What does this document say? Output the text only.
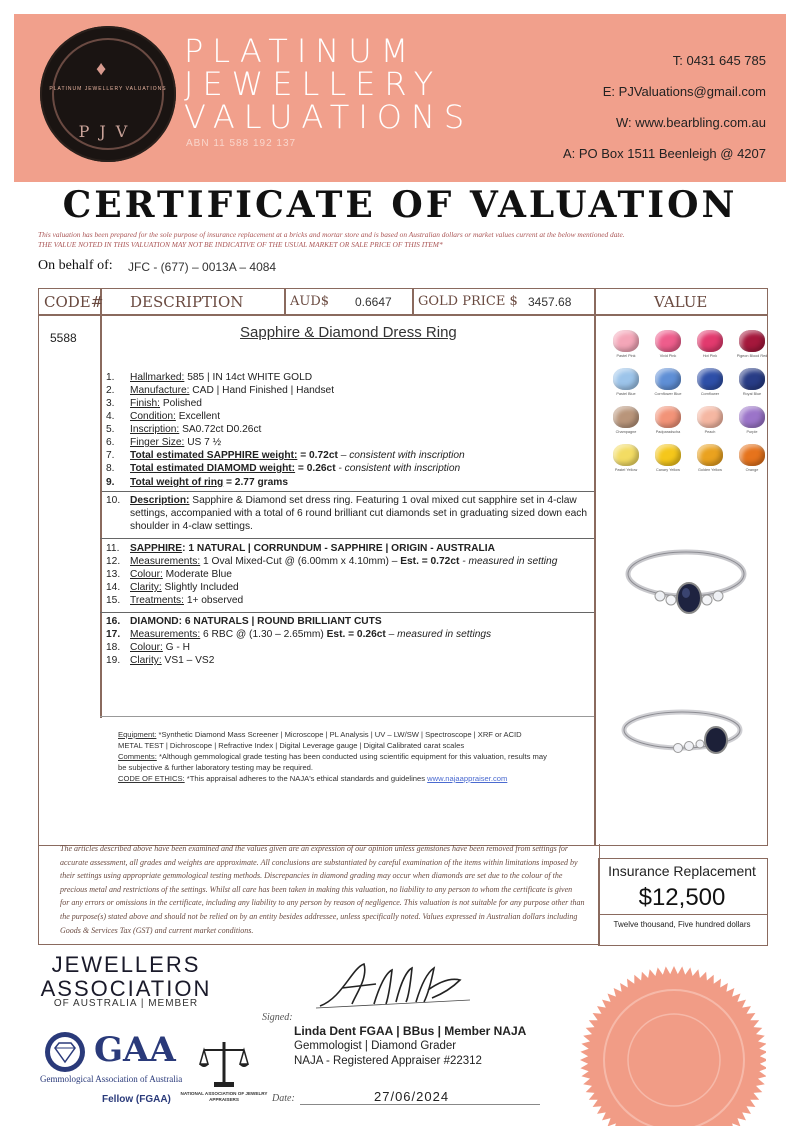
♦
PLATINUM JEWELLERY VALUATIONS
PJV
PLATINUM
JEWELLERY
VALUATIONS
ABN 11 588 192 137
T: 0431 645 785
E: PJValuations@gmail.com
W: www.bearbling.com.au
A: PO Box 1511 Beenleigh @ 4207
CERTIFICATE OF VALUATION
This valuation has been prepared for the sole purpose of insurance replacement at a bricks and mortar store and is based on Australian dollars or market values current at the below mentioned date.
THE VALUE NOTED IN THIS VALUATION MAY NOT BE INDICATIVE OF THE USUAL MARKET OR SALE PRICE OF THIS ITEM*
On behalf of: JFC - (677) – 0013A – 4084
CODE# DESCRIPTION	AUD$ 0.6647 GOLD PRICE $ 3457.68	VALUE
5588	Sapphire & Diamond Dress Ring
1. Hallmarked: 585 | IN 14ct WHITE GOLD
2. Manufacture: CAD | Hand Finished | Handset
3. Finish: Polished
4. Condition: Excellent
5. Inscription: SA0.72ct D0.26ct
6. Finger Size: US 7 ½
7. Total estimated SAPPHIRE weight: = 0.72ct – consistent with inscription
8. Total estimated DIAMOMD weight: = 0.26ct - consistent with inscription
9. Total weight of ring = 2.77 grams
10. Description: Sapphire & Diamond set dress ring. Featuring 1 oval mixed cut sapphire set in 4-claw
settings, accompanied with a total of 6 round brilliant cut diamonds set in graduating sized down each
shoulder in 4-claw settings.
11. SAPPHIRE: 1 NATURAL | CORRUNDUM - SAPPHIRE | ORIGIN - AUSTRALIA
12. Measurements: 1 Oval Mixed-Cut @ (6.00mm x 4.10mm) – Est. = 0.72ct - measured in setting
13. Colour: Moderate Blue
14. Clarity: Slightly Included
15. Treatments: 1+ observed
16. DIAMOND: 6 NATURALS | ROUND BRILLIANT CUTS
17. Measurements: 6 RBC @ (1.30 – 2.65mm) Est. = 0.26ct – measured in settings
18. Colour: G - H
19. Clarity: VS1 – VS2
Equipment: *Synthetic Diamond Mass Screener | Microscope | PL Analysis | UV – LW/SW | Spectroscope | XRF or ACID
METAL TEST | Dichroscope | Refractive Index | Digital Leverage gauge | Digital Calibrated carat scales
Comments: *Although gemmological grade testing has been conducted using scientific equipment for this valuation, results may
be subjective & further laboratory testing may be required.
CODE OF ETHICS: *This appraisal adheres to the NAJA's ethical standards and guidelines www.najaappraiser.com
Pastel Pink	Vivid Pink	Hot Pink	Pigeon Blood Red
Pastel Blue	Cornflower Blue	Cornflower	Royal Blue
Champagne	Padparadscha	Peach	Purple
Pastel Yellow	Canary Yellow	Golden Yellow	Orange
The articles described above have been examined and the values given are an expression of our opinion unless gemstones have been removed from settings for
accurate assessment, all grades and weights are approximate. All conclusions are substantiated by careful examination of the items within limitations imposed by
their settings using appropriate gemmological testing methods. Discrepancies in diamond grading may occur when diamonds are set due to the colour of the
precious metal and restrictions of the settings. Whilst all care has been taken in making this valuation, no liability to any person to whom the certificate is given
for any errors or omissions in the certificate, including any liability to any person by reason of negligence. This valuation is not suitable for any purpose other than
the purpose(s) stated above and should not be relied on by an entity besides addressee, unless specifically noted. Values expressed in Australian dollars including
Goods & Services Tax (GST) and current market conditions.
Insurance Replacement
$12,500
Twelve thousand, Five hundred dollars
JEWELLERS
ASSOCIATION
OF AUSTRALIA | MEMBER
GAA
Gemmological Association of Australia
Fellow (FGAA)
NATIONAL ASSOCIATION OF JEWELRY APPRAISERS
Signed:
Linda Dent FGAA | BBus | Member NAJA
Gemmologist | Diamond Grader
NAJA - Registered Appraiser #22312
Date:	27/06/2024
